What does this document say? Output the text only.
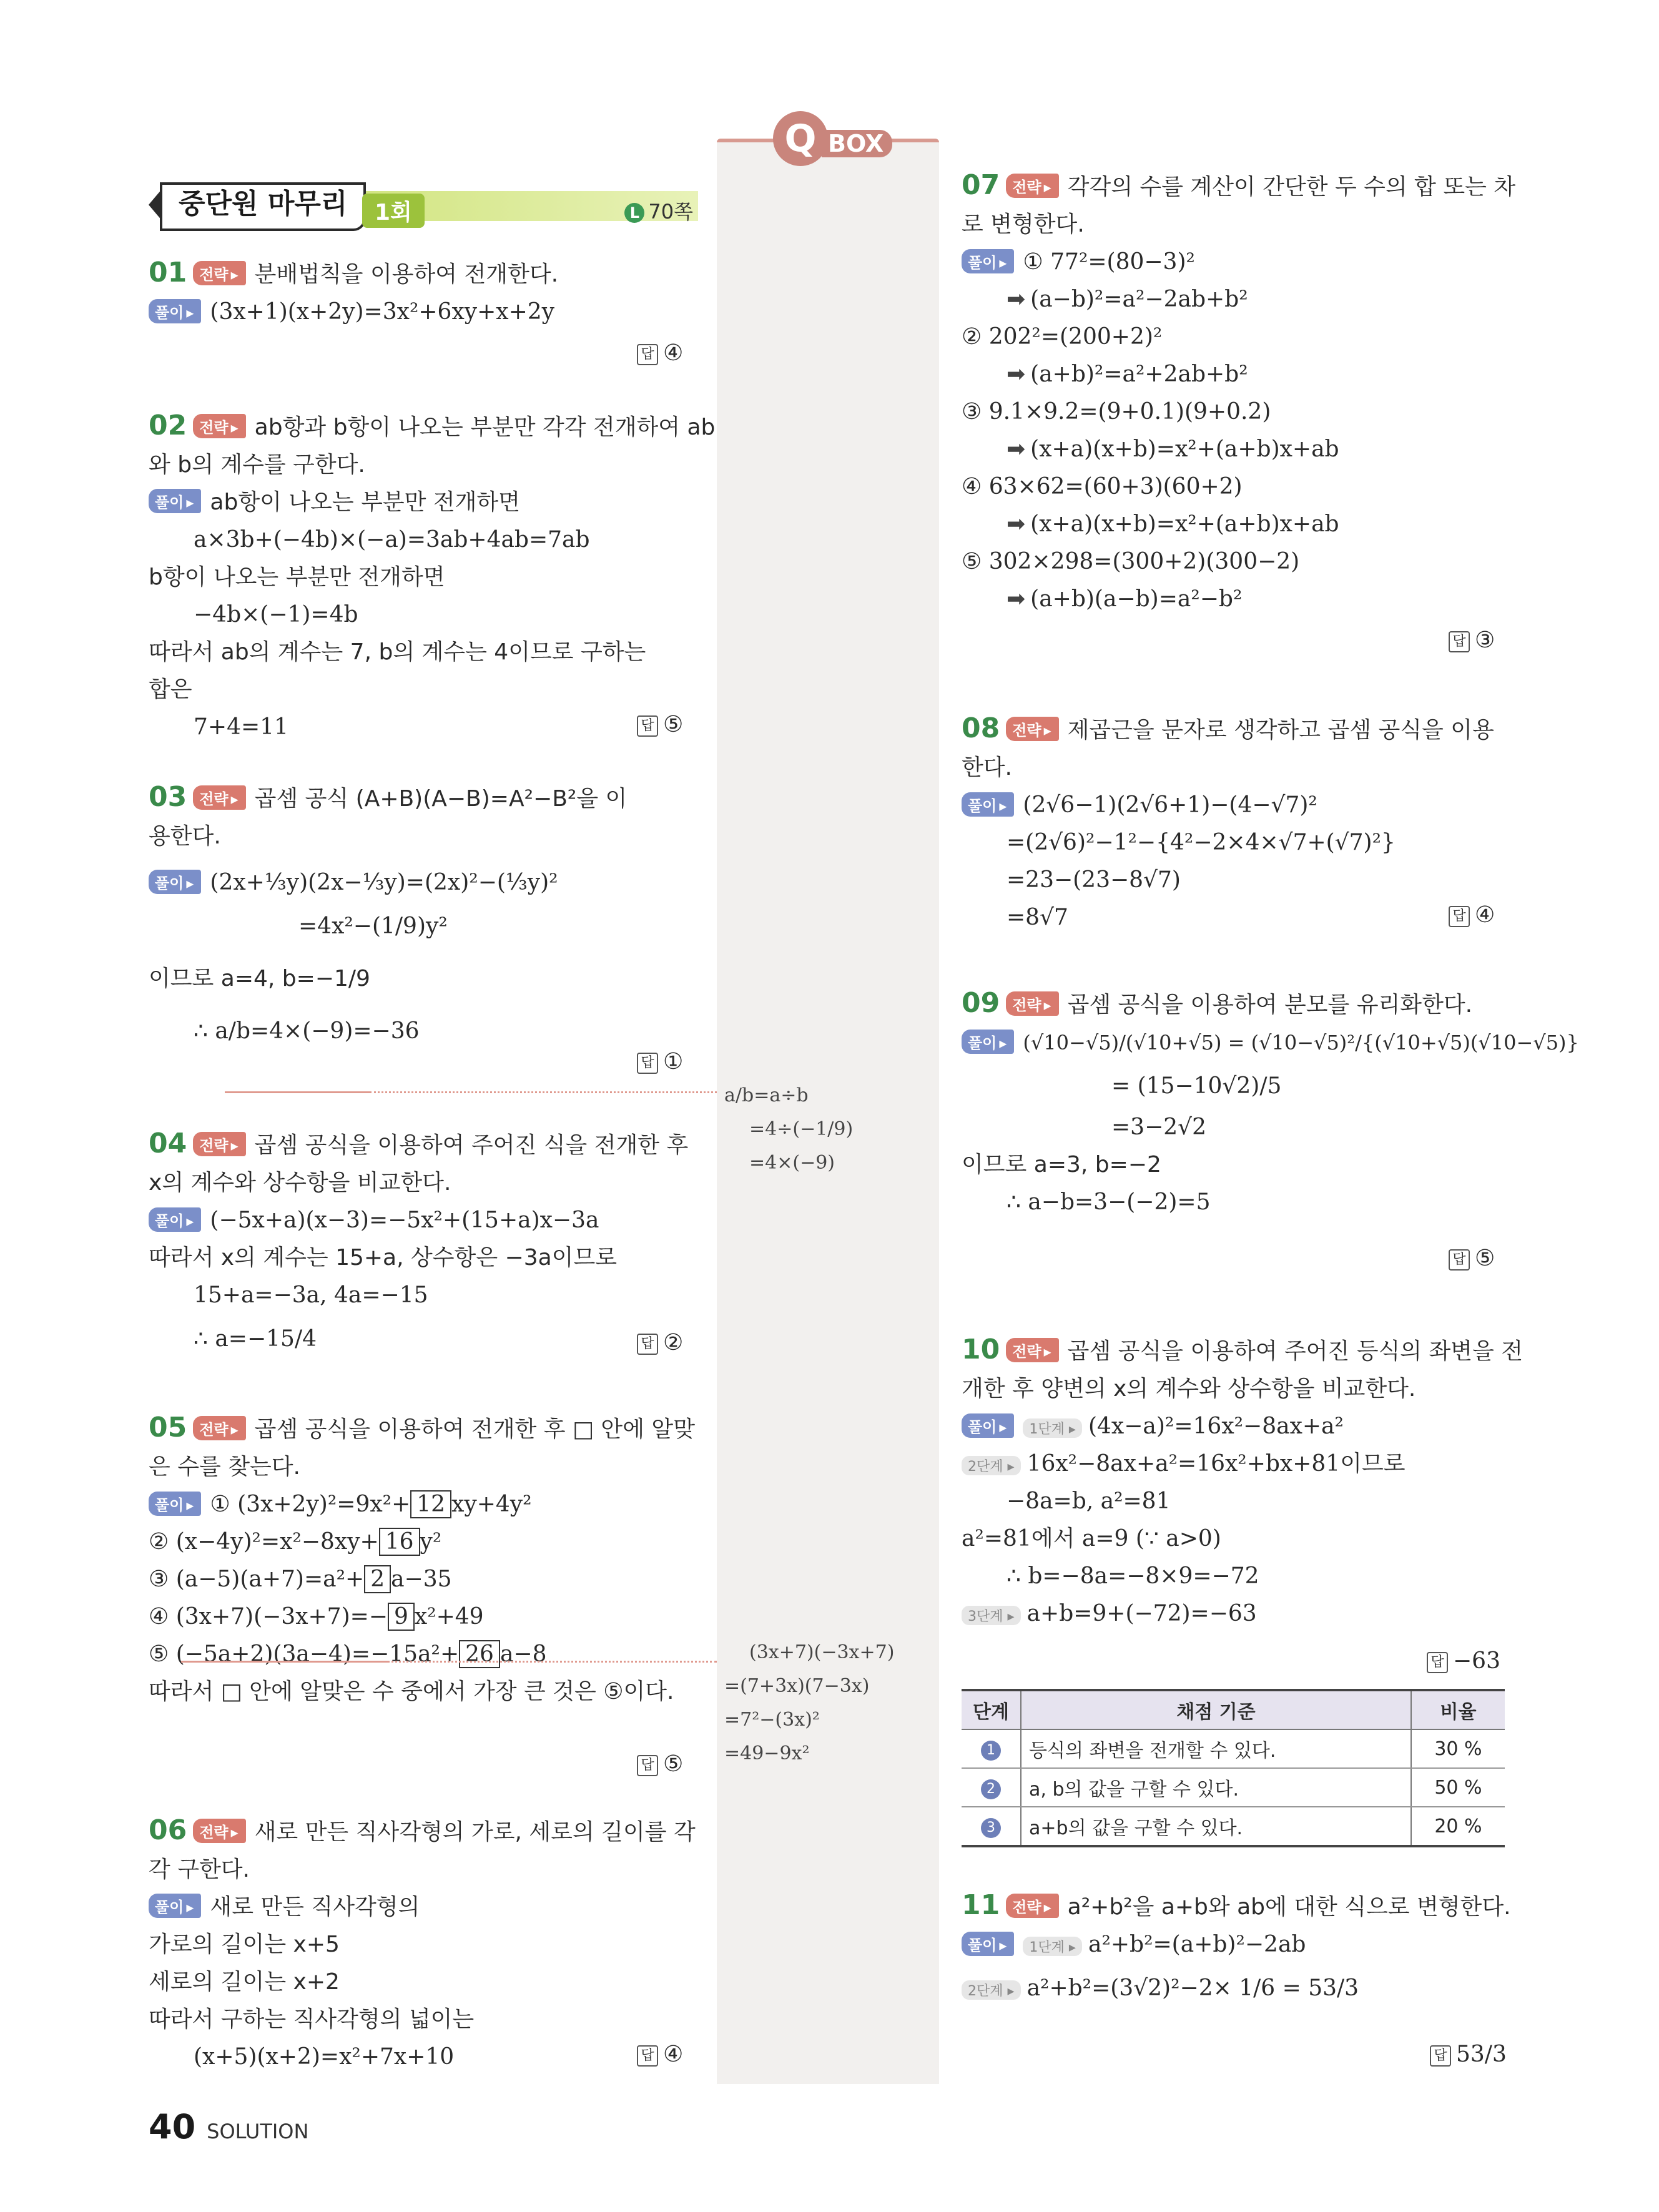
Q BOX
중단원 마무리	1회	L 70쪽
01 전략 ▸ 분배법칙을 이용하여 전개한다.
풀이 ▸ (3x+1)(x+2y)=3x²+6xy+x+2y
답 ④
02 전략 ▸ ab항과 b항이 나오는 부분만 각각 전개하여 ab
와 b의 계수를 구한다.
풀이 ▸ ab항이 나오는 부분만 전개하면
a×3b+(−4b)×(−a)=3ab+4ab=7ab
b항이 나오는 부분만 전개하면
−4b×(−1)=4b
따라서 ab의 계수는 7, b의 계수는 4이므로 구하는
합은
7+4=11	답 ⑤
03 전략 ▸ 곱셈 공식 (A+B)(A−B)=A²−B²을 이
용한다.
풀이 ▸ (2x+⅓y)(2x−⅓y)=(2x)²−(⅓y)²
=4x²−(1/9)y²
이므로 a=4, b=−1/9
∴ a/b=4×(−9)=−36
답 ①
04 전략 ▸ 곱셈 공식을 이용하여 주어진 식을 전개한 후
x의 계수와 상수항을 비교한다.
풀이 ▸ (−5x+a)(x−3)=−5x²+(15+a)x−3a
따라서 x의 계수는 15+a, 상수항은 −3a이므로
15+a=−3a, 4a=−15
∴ a=−15/4	답 ②
05 전략 ▸ 곱셈 공식을 이용하여 전개한 후 □ 안에 알맞
은 수를 찾는다.
풀이 ▸ ① (3x+2y)²=9x²+ 12 xy+4y²
② (x−4y)²=x²−8xy+ 16 y²
③ (a−5)(a+7)=a²+ 2 a−35
④ (3x+7)(−3x+7)=− 9 x²+49
⑤ (−5a+2)(3a−4)=−15a²+ 26 a−8
따라서 □ 안에 알맞은 수 중에서 가장 큰 것은 ⑤이다.
답 ⑤
06 전략 ▸ 새로 만든 직사각형의 가로, 세로의 길이를 각
각 구한다.
풀이 ▸ 새로 만든 직사각형의
가로의 길이는 x+5
세로의 길이는 x+2
따라서 구하는 직사각형의 넓이는
(x+5)(x+2)=x²+7x+10	답 ④
a/b=a÷b
=4÷(−1/9)
=4×(−9)
(3x+7)(−3x+7)
=(7+3x)(7−3x)
=7²−(3x)²
=49−9x²
07 전략 ▸ 각각의 수를 계산이 간단한 두 수의 합 또는 차
로 변형한다.
풀이 ▸ ① 77²=(80−3)²
➡ (a−b)²=a²−2ab+b²
② 202²=(200+2)²
➡ (a+b)²=a²+2ab+b²
③ 9.1×9.2=(9+0.1)(9+0.2)
➡ (x+a)(x+b)=x²+(a+b)x+ab
④ 63×62=(60+3)(60+2)
➡ (x+a)(x+b)=x²+(a+b)x+ab
⑤ 302×298=(300+2)(300−2)
➡ (a+b)(a−b)=a²−b²
답 ③
08 전략 ▸ 제곱근을 문자로 생각하고 곱셈 공식을 이용
한다.
풀이 ▸ (2√6−1)(2√6+1)−(4−√7)²
=(2√6)²−1²−{4²−2×4×√7+(√7)²}
=23−(23−8√7)
=8√7	답 ④
09 전략 ▸ 곱셈 공식을 이용하여 분모를 유리화한다.
풀이 ▸ (√10−√5)/(√10+√5) = (√10−√5)²/{(√10+√5)(√10−√5)}
= (15−10√2)/5
=3−2√2
이므로 a=3, b=−2
∴ a−b=3−(−2)=5
답 ⑤
10 전략 ▸ 곱셈 공식을 이용하여 주어진 등식의 좌변을 전
개한 후 양변의 x의 계수와 상수항을 비교한다.
풀이 ▸ 1단계 ▸ (4x−a)²=16x²−8ax+a²
2단계 ▸ 16x²−8ax+a²=16x²+bx+81이므로
−8a=b, a²=81
a²=81에서 a=9 (∵ a>0)
∴ b=−8a=−8×9=−72
3단계 ▸ a+b=9+(−72)=−63
답 −63
단계	채점 기준	비율
1	등식의 좌변을 전개할 수 있다.	30 %
2	a, b의 값을 구할 수 있다.	50 %
3	a+b의 값을 구할 수 있다.	20 %
11 전략 ▸ a²+b²을 a+b와 ab에 대한 식으로 변형한다.
풀이 ▸ 1단계 ▸ a²+b²=(a+b)²−2ab
2단계 ▸ a²+b²=(3√2)²−2× 1/6 = 53/3
답 53/3
40 SOLUTION
